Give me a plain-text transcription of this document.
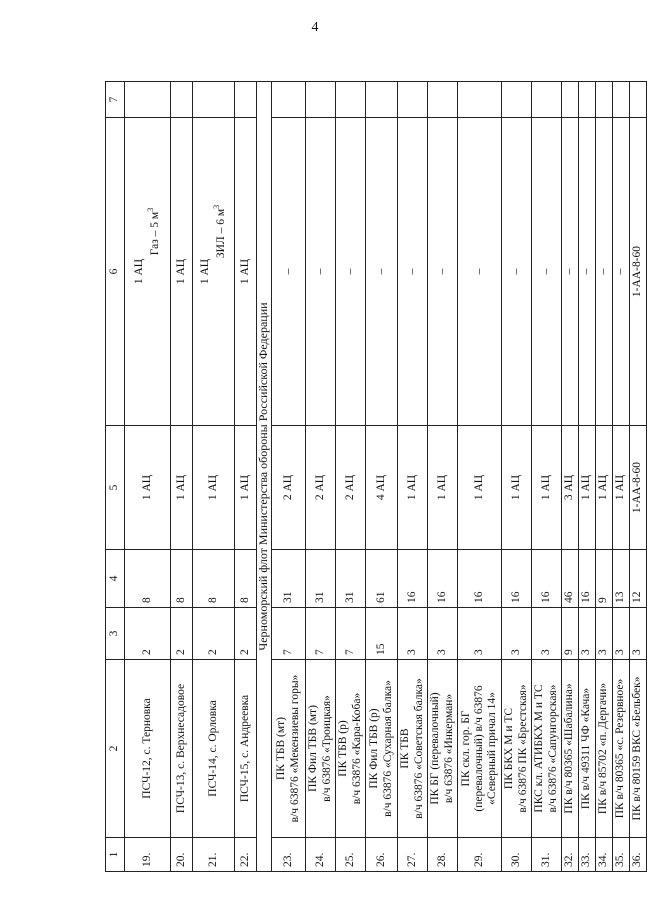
4
1	2	3	4	5	6	7
19.	ПСЧ-12, с. Терновка	2	8	1 АЦ	1 АЦ
Газ – 5 $м^3$

20.	ПСЧ-13, с. Верхнесадовое	2	8	1 АЦ	1 АЦ	

21.	ПСЧ-14, с. Орловка	2	8	1 АЦ	1 АЦ
ЗИЛ – 6 $м^3$

22.	ПСЧ-15, с. Андреевка	2	8	1 АЦ	1 АЦ	

Черноморский флот Министерства обороны Российской Федерации						
23.	ПК ТБВ (мт) в/ч 63876 «Мекензиевы горы»	7	31	2 АЦ	–	
24.	ПК Фил ТБВ (мт) в/ч 63876 «Троицкая»	7	31	2 АЦ	–	
25.	ПК ТБВ (р) в/ч 63876 «Кара-Коба»	7	31	2 АЦ	–	
26.	ПК Фил ТБВ (р) в/ч 63876 «Сухарная балка»	15	61	4 АЦ	–	
27.	ПК ТБВ в/ч 63876 «Советская балка»	3	16	1 АЦ	–	
28.	ПК БГ (перевалочный) в/ч 63876 «Инкерман»	3	16	1 АЦ	–	
29.	ПК скл. гор. БГ (перевалочный) в/ч 63876 «Северный причал 14»	3	16	1 АЦ	–	
30.	ПК БКХ М и ТС в/ч 63876 ПК «Брестская»	3	16	1 АЦ	–	
31.	ПКС кл. АТИБКХ М и ТС в/ч 63876 «Сапунгорская»	3	16	1 АЦ	–	
32.	ПК в/ч 80365 «Шабалина»	9	46	3 АЦ	–	
33.	ПК в/ч 49311 ЧФ «Кача»	3	16	1 АЦ	–	
34.	ПК в/ч 85702 «п. Дергачи»	3	9	1 АЦ	–	
35.	ПК в/ч 80365 «с. Резервное»	3	13	1 АЦ	–	
36.	ПК в/ч 80159 ВКС «Бельбек»	3	12	1-АА-8-60	1-АА-8-60	
